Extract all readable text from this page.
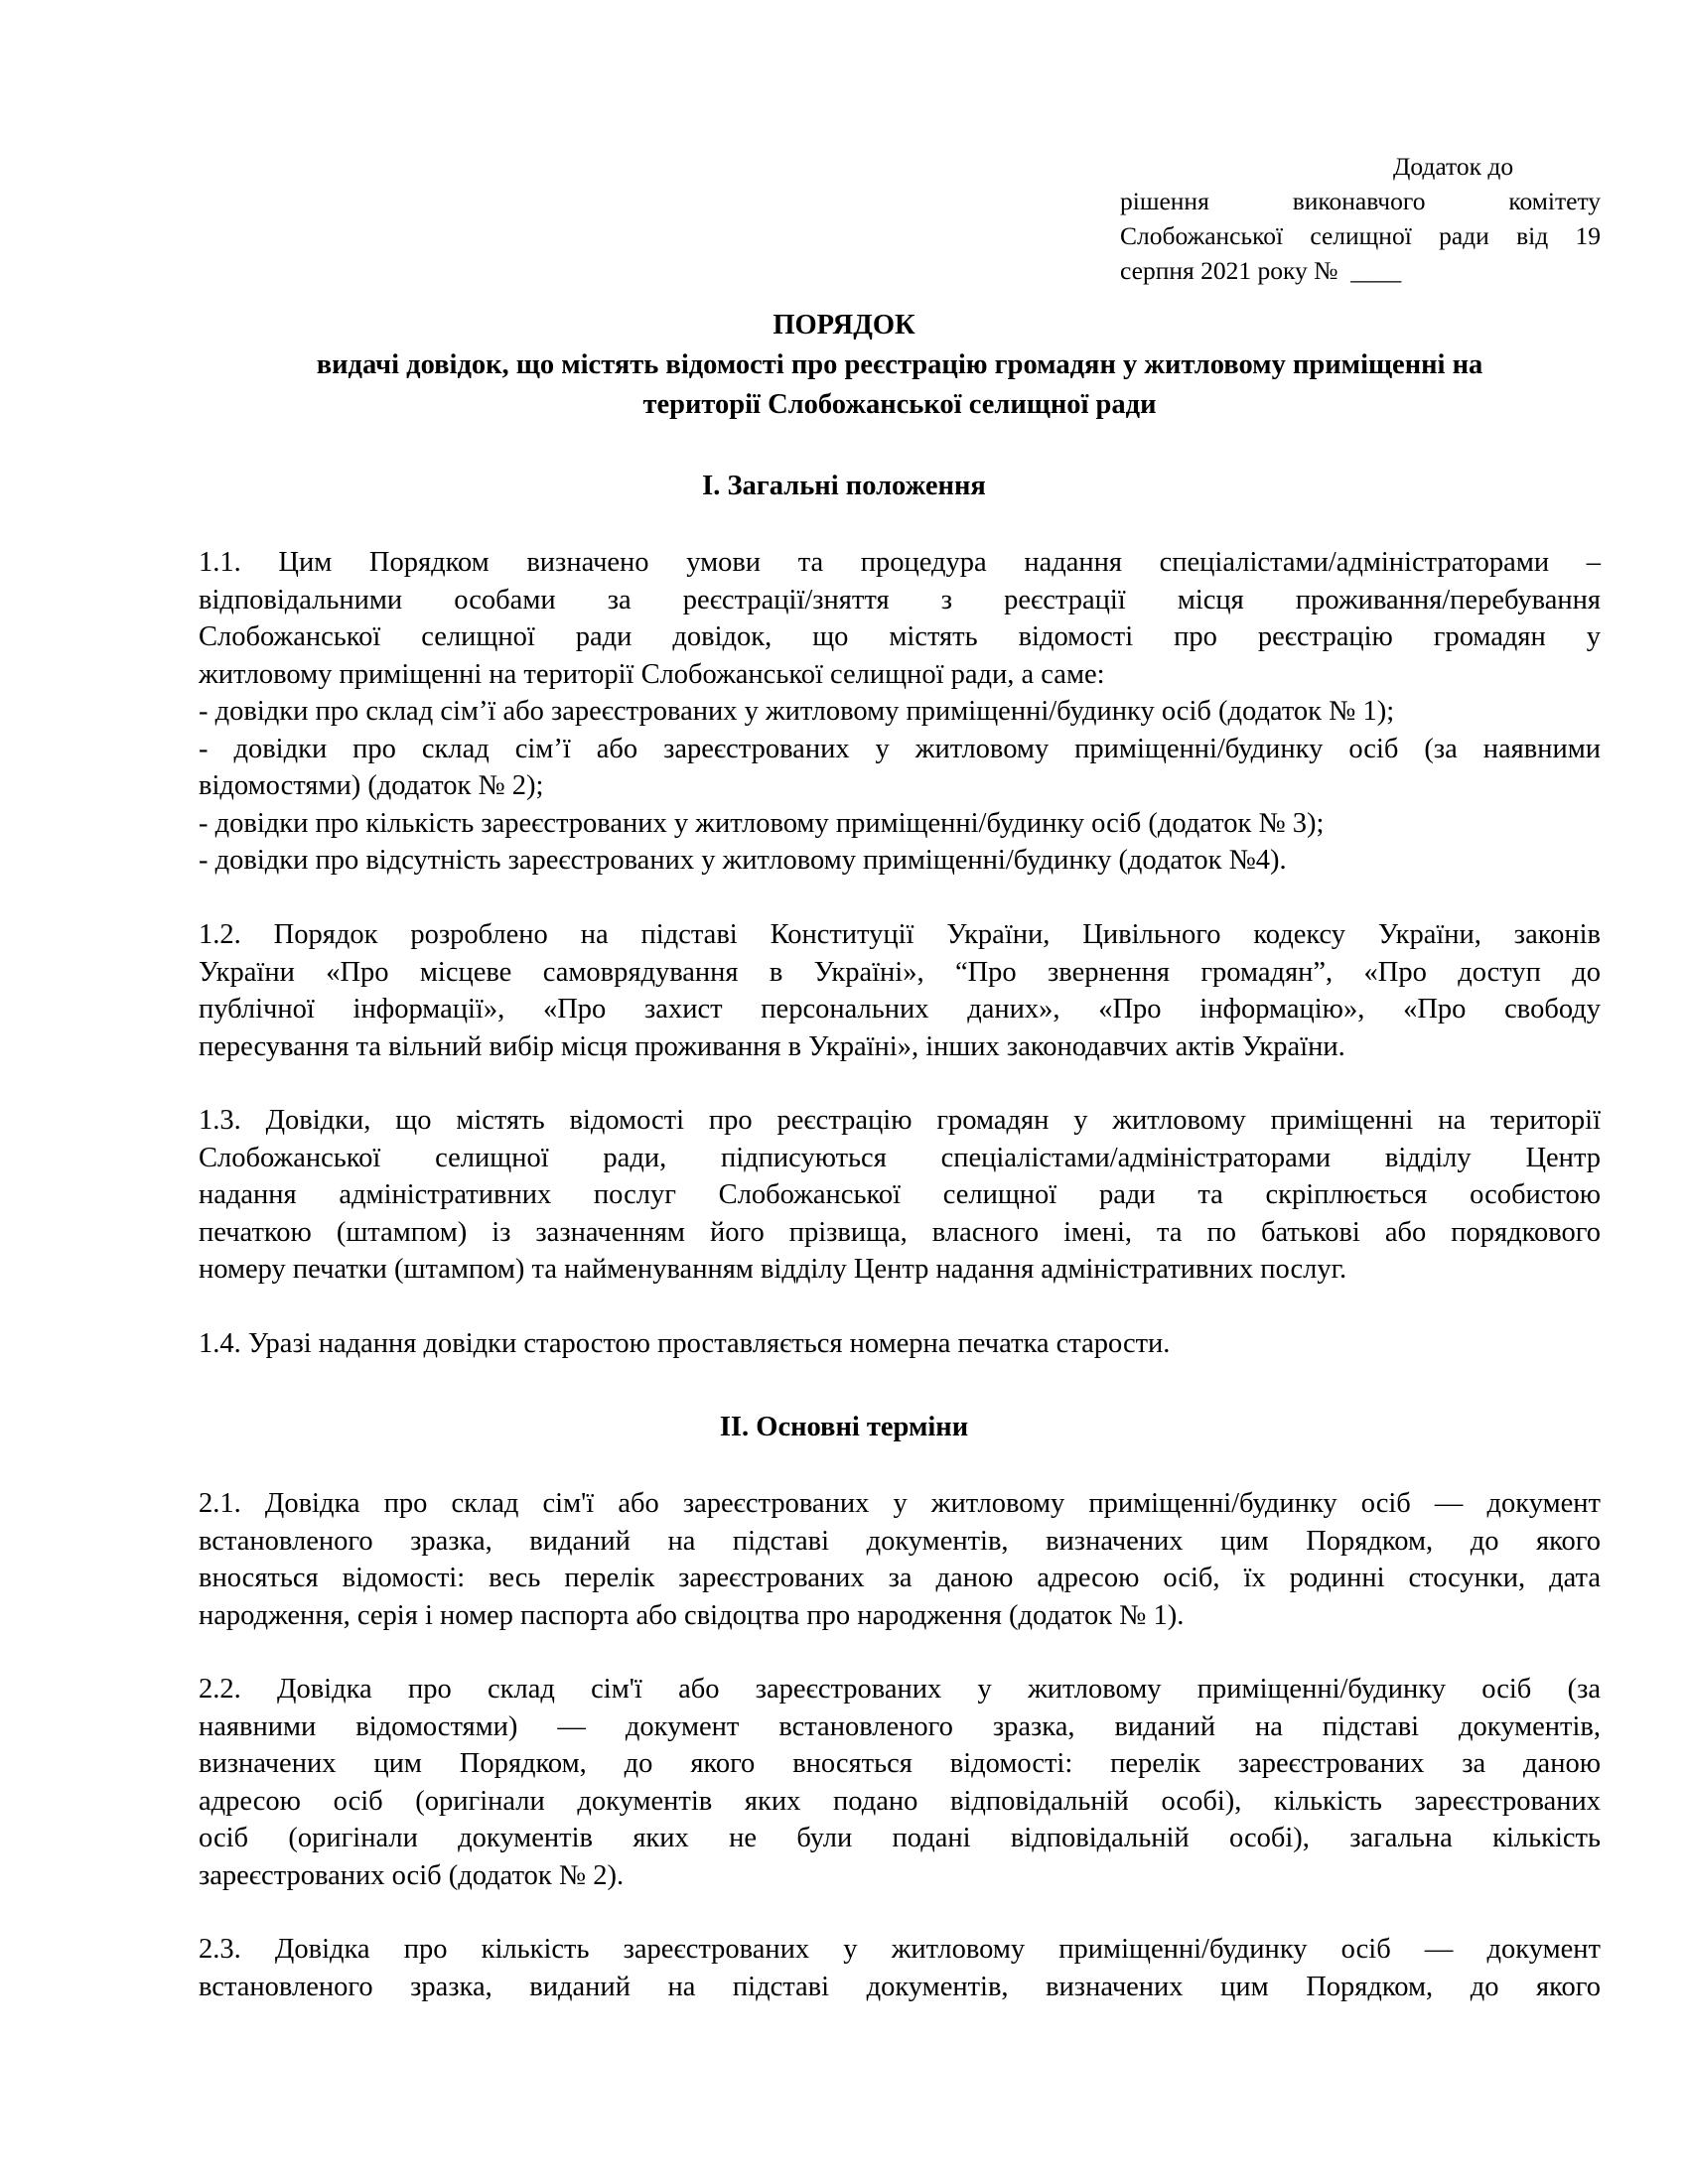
Додаток до
рішення виконавчого комітету
Слобожанської селищної ради від 19
серпня 2021 року №  ____
ПОРЯДОК
видачі довідок, що містять відомості про реєстрацію громадян у житловому приміщенні на
території Слобожанської селищної ради
І. Загальні положення
1.1. Цим Порядком визначено умови та процедура надання спеціалістами/адміністраторами –
відповідальними особами за реєстрації/зняття з реєстрації місця проживання/перебування
Слобожанської селищної ради довідок, що містять відомості про реєстрацію громадян у
житловому приміщенні на території Слобожанської селищної ради, а саме:
- довідки про склад сім’ї або зареєстрованих у житловому приміщенні/будинку осіб (додаток № 1);
- довідки про склад сім’ї або зареєстрованих у житловому приміщенні/будинку осіб (за наявними
відомостями) (додаток № 2);
- довідки про кількість зареєстрованих у житловому приміщенні/будинку осіб (додаток № 3);
- довідки про відсутність зареєстрованих у житловому приміщенні/будинку (додаток №4).
1.2. Порядок розроблено на підставі Конституції України, Цивільного кодексу України, законів
України «Про місцеве самоврядування в Україні», “Про звернення громадян”, «Про доступ до
публічної інформації», «Про захист персональних даних», «Про інформацію», «Про свободу
пересування та вільний вибір місця проживання в Україні», інших законодавчих актів України.
1.3. Довідки, що містять відомості про реєстрацію громадян у житловому приміщенні на території
Слобожанської селищної ради, підписуються спеціалістами/адміністраторами відділу Центр
надання адміністративних послуг Слобожанської селищної ради та скріплюється особистою
печаткою (штампом) із зазначенням його прізвища, власного імені, та по батькові або порядкового
номеру печатки (штампом) та найменуванням відділу Центр надання адміністративних послуг.
1.4. Уразі надання довідки старостою проставляється номерна печатка старости.
ІІ. Основні терміни
2.1. Довідка про склад сім'ї або зареєстрованих у житловому приміщенні/будинку осіб — документ
встановленого зразка, виданий на підставі документів, визначених цим Порядком, до якого
вносяться відомості: весь перелік зареєстрованих за даною адресою осіб, їх родинні стосунки, дата
народження, серія і номер паспорта або свідоцтва про народження (додаток № 1).
2.2. Довідка про склад сім'ї або зареєстрованих у житловому приміщенні/будинку осіб (за
наявними відомостями) — документ встановленого зразка, виданий на підставі документів,
визначених цим Порядком, до якого вносяться відомості: перелік зареєстрованих за даною
адресою осіб (оригінали документів яких подано відповідальній особі), кількість зареєстрованих
осіб (оригінали документів яких не були подані відповідальній особі), загальна кількість
зареєстрованих осіб (додаток № 2).
2.3. Довідка про кількість зареєстрованих у житловому приміщенні/будинку осіб — документ
встановленого зразка, виданий на підставі документів, визначених цим Порядком, до якого
